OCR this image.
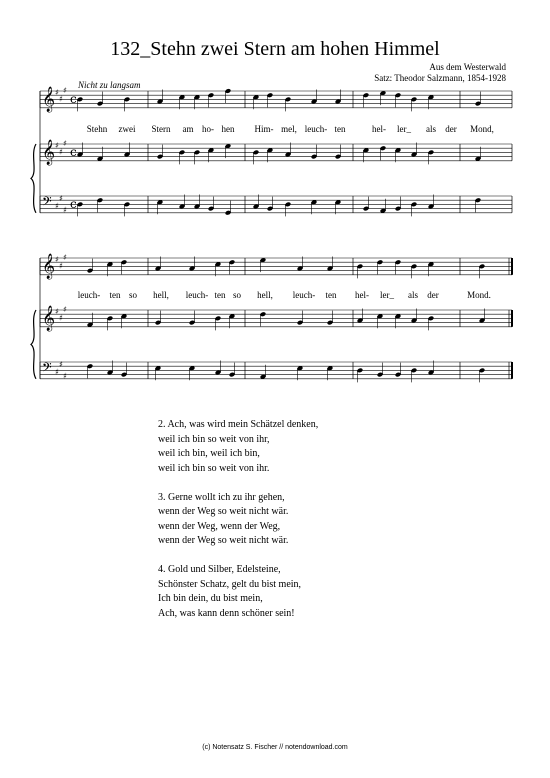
132_Stehn zwei Stern am hohen Himmel
Aus dem Westerwald
Satz: Theodor Salzmann, 1854-1928
Nicht zu langsam
𝄞 ♯
♯
♯
c
𝄞 ♯
♯
♯
c
𝄢 ♯
♯
♯ c
𝄞 ♯
♯
♯
𝄞 ♯
♯
♯
𝄢 ♯
♯
♯
Stehn zwei Stern am ho- hen Him- mel, leuch- ten	hel- ler_ als der Mond,
leuch- ten so hell, leuch- ten so hell, leuch- ten hel- ler_ als der	Mond.
2. Ach, was wird mein Schätzel denken,
weil ich bin so weit von ihr,
weil ich bin, weil ich bin,
weil ich bin so weit von ihr.
3. Gerne wollt ich zu ihr gehen,
wenn der Weg so weit nicht wär.
wenn der Weg, wenn der Weg,
wenn der Weg so weit nicht wär.
4. Gold und Silber, Edelsteine,
Schönster Schatz, gelt du bist mein,
Ich bin dein, du bist mein,
Ach, was kann denn schöner sein!
(c) Notensatz S. Fischer // notendownload.com
